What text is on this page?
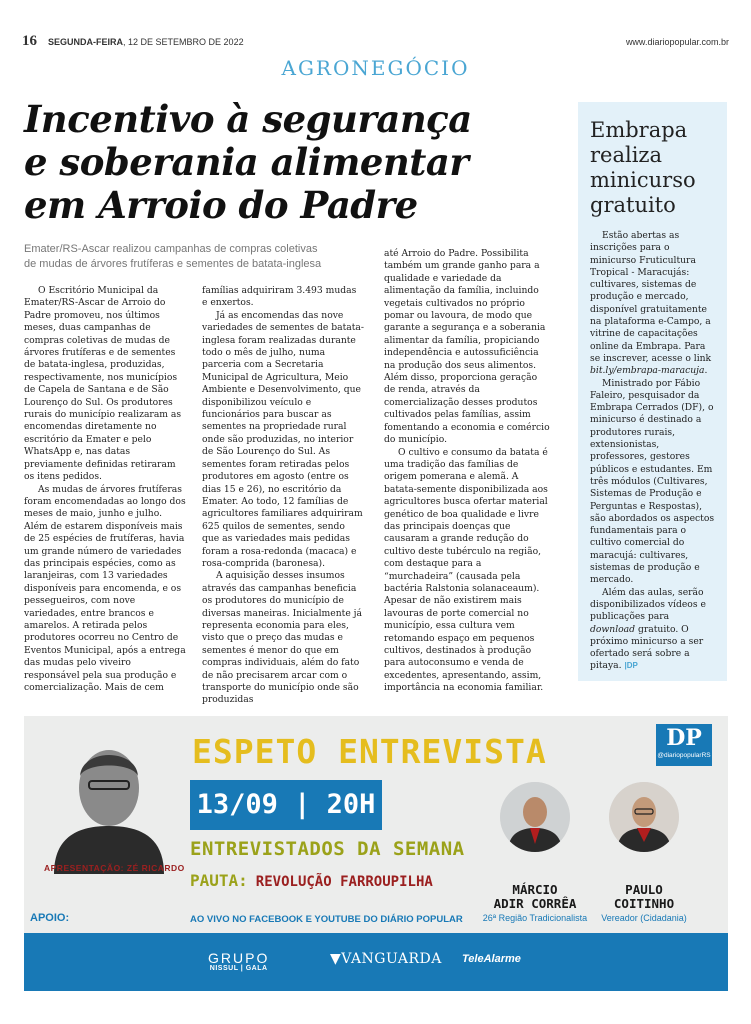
16 SEGUNDA-FEIRA, 12 DE SETEMBRO DE 2022	www.diariopopular.com.br
AGRONEGÓCIO
Incentivo à segurança
e soberania alimentar
em Arroio do Padre
Emater/RS-Ascar realizou campanhas de compras coletivas
de mudas de árvores frutíferas e sementes de batata-inglesa

O Escritório Municipal da Emater/RS-Ascar de Arroio do Padre promoveu, nos últimos meses, duas campanhas de compras coletivas de mudas de árvores frutíferas e de sementes de batata-inglesa, produzidas, respectivamente, nos municípios de Capela de Santana e de São Lourenço do Sul. Os produtores rurais do município realizaram as encomendas diretamente no escritório da Emater e pelo WhatsApp e, nas datas previamente definidas retiraram os itens pedidos.

As mudas de árvores frutíferas foram encomendadas ao longo dos meses de maio, junho e julho. Além de estarem disponíveis mais de 25 espécies de frutíferas, havia um grande número de variedades das principais espécies, como as laranjeiras, com 13 variedades disponíveis para encomenda, e os pessegueiros, com nove variedades, entre brancos e amarelos. A retirada pelos produtores ocorreu no Centro de Eventos Municipal, após a entrega das mudas pelo viveiro responsável pela sua produção e comercialização. Mais de cem

famílias adquiriram 3.493 mudas e enxertos.

Já as encomendas das nove variedades de sementes de batata-inglesa foram realizadas durante todo o mês de julho, numa parceria com a Secretaria Municipal de Agricultura, Meio Ambiente e Desenvolvimento, que disponibilizou veículo e funcionários para buscar as sementes na propriedade rural onde são produzidas, no interior de São Lourenço do Sul. As sementes foram retiradas pelos produtores em agosto (entre os dias 15 e 26), no escritório da Emater. Ao todo, 12 famílias de agricultores familiares adquiriram 625 quilos de sementes, sendo que as variedades mais pedidas foram a rosa-redonda (macaca) e rosa-comprida (baronesa).

A aquisição desses insumos através das campanhas beneficia os produtores do município de diversas maneiras. Inicialmente já representa economia para eles, visto que o preço das mudas e sementes é menor do que em compras individuais, além do fato de não precisarem arcar com o transporte do município onde são produzidas

até Arroio do Padre. Possibilita também um grande ganho para a qualidade e variedade da alimentação da família, incluindo vegetais cultivados no próprio pomar ou lavoura, de modo que garante a segurança e a soberania alimentar da família, propiciando independência e autossuficiência na produção dos seus alimentos. Além disso, proporciona geração de renda, através da comercialização desses produtos cultivados pelas famílias, assim fomentando a economia e comércio do município.

O cultivo e consumo da batata é uma tradição das famílias de origem pomerana e alemã. A batata-semente disponibilizada aos agricultores busca ofertar material genético de boa qualidade e livre das principais doenças que causaram a grande redução do cultivo deste tubérculo na região, com destaque para a “murchadeira” (causada pela bactéria Ralstonia solanaceaum). Apesar de não existirem mais lavouras de porte comercial no município, essa cultura vem retomando espaço em pequenos cultivos, destinados à produção para autoconsumo e venda de excedentes, apresentando, assim, importância na economia familiar.

Embrapa realiza minicurso gratuito

Estão abertas as inscrições para o minicurso Fruticultura Tropical - Maracujás: cultivares, sistemas de produção e mercado, disponível gratuitamente na plataforma e-Campo, a vitrine de capacitações online da Embrapa. Para se inscrever, acesse o link bit.ly/embrapa-maracuja.

Ministrado por Fábio Faleiro, pesquisador da Embrapa Cerrados (DF), o minicurso é destinado a produtores rurais, extensionistas, professores, gestores públicos e estudantes. Em três módulos (Cultivares, Sistemas de Produção e Perguntas e Respostas), são abordados os aspectos fundamentais para o cultivo comercial do maracujá: cultivares, sistemas de produção e mercado.

Além das aulas, serão disponibilizados vídeos e publicações para download gratuito. O próximo minicurso a ser ofertado será sobre a pitaya. |DP

APRESENTAÇÃO: ZÉ RICARDO
ESPETO ENTREVISTA
13/09 | 20H
ENTREVISTADOS DA SEMANA
PAUTA: REVOLUÇÃO FARROUPILHA
APOIO:	AO VIVO NO FACEBOOK E YOUTUBE DO DIÁRIO POPULAR
DP
@diariopopularRS
MÁRCIO
ADIR CORRÊA
26ª Região Tradicionalista
PAULO
COITINHO
Vereador (Cidadania)
GRUPO
NISSUL | GALA
▼VANGUARDA TeleAlarme
